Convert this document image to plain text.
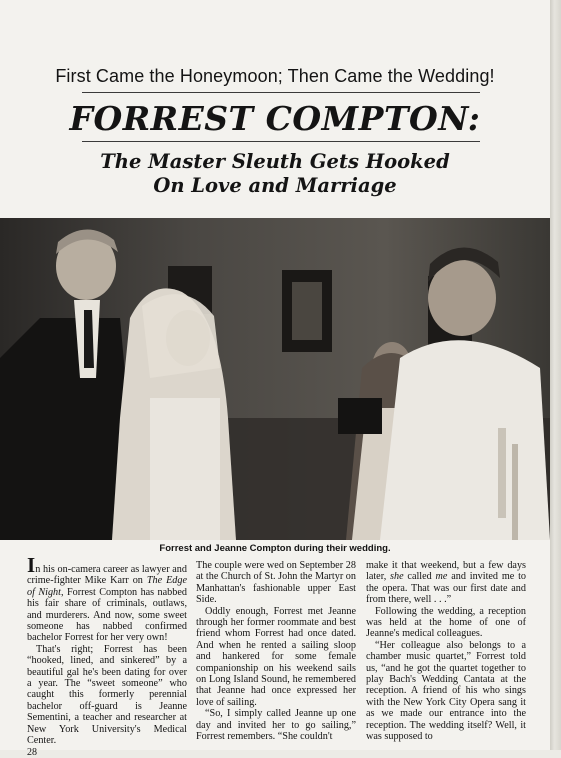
First Came the Honeymoon; Then Came the Wedding!
FORREST COMPTON:
The Master Sleuth Gets Hooked
On Love and Marriage
Forrest and Jeanne Compton during their wedding.

In his on-camera career as lawyer and crime-fighter Mike Karr on The Edge of Night, Forrest Compton has nabbed his fair share of criminals, outlaws, and murderers. And now, some sweet someone has nabbed confirmed bachelor Forrest for her very own!

That's right; Forrest has been “hooked, lined, and sinkered” by a beautiful gal he's been dating for over a year. The “sweet someone” who caught this formerly perennial bachelor off-guard is Jeanne Sementini, a teacher and researcher at New York University's Medical Center.

28

The couple were wed on September 28 at the Church of St. John the Martyr on Manhattan's fashionable upper East Side.

Oddly enough, Forrest met Jeanne through her former roommate and best friend whom Forrest had once dated. And when he rented a sailing sloop and hankered for some female companionship on his weekend sails on Long Island Sound, he remembered that Jeanne had once expressed her love of sailing.

“So, I simply called Jeanne up one day and invited her to go sailing,” Forrest remembers. “She couldn't

make it that weekend, but a few days later, she called me and invited me to the opera. That was our first date and from there, well . . .”

Following the wedding, a reception was held at the home of one of Jeanne's medical colleagues.

“Her colleague also belongs to a chamber music quartet,” Forrest told us, “and he got the quartet together to play Bach's Wedding Cantata at the reception. A friend of his who sings with the New York City Opera sang it as we made our entrance into the reception. The wedding itself? Well, it was supposed to
